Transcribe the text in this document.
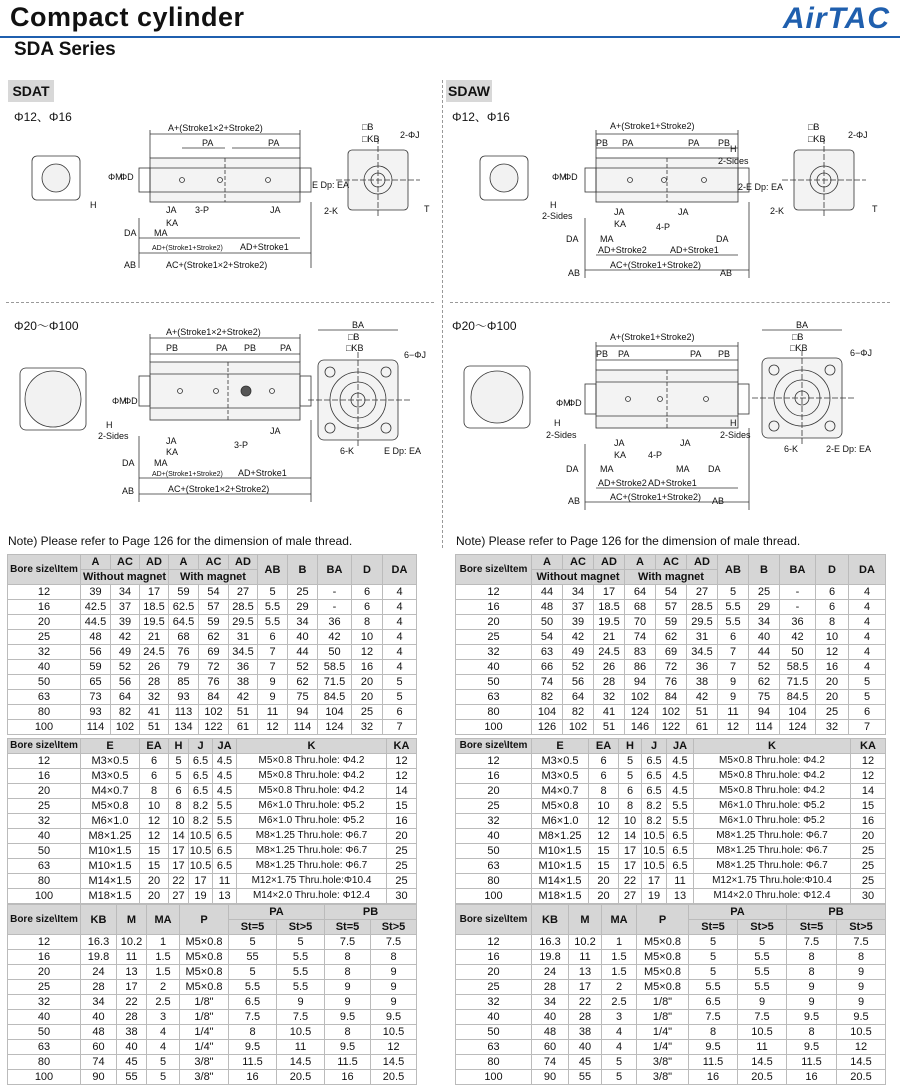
Compact cylinder
SDA Series
AirTAC
SDAT	SDAW
Φ12、Φ16	Φ12、Φ16
Φ20～Φ100	Φ20～Φ100
A+(Stroke1×2+Stroke2)
PA	PA
ΦM
ΦD
H	JA 3-P	JA
KA
DA MA
AD+(Stroke1+Stroke2) AD+Stroke1
AB	AC+(Stroke1×2+Stroke2)
□B
□KB 2-ΦJ
E Dp: EA
2-K	T
A+(Stroke1+Stroke2)
PB PA	PA PB
H
2-Sides
ΦM
ΦD
H
2-Sides	JA	JA
KA	4-P
DA MA	DA
AD+Stroke2	AD+Stroke1
AB	AB
AC+(Stroke1+Stroke2)
□B
□KB	2-ΦJ
2-E Dp: EA
2-K	T
A+(Stroke1×2+Stroke2)
PB	PA PB	PA
ΦM
ΦD
H
2-Sides	JA
KA
JA
3-P
DA MA
AD+(Stroke1+Stroke2) AD+Stroke1
AB	AC+(Stroke1×2+Stroke2)
BA
□B
□KB
6−ΦJ
6-K	E Dp: EA
A+(Stroke1+Stroke2)
PB PA	PA PB
ΦM
ΦD
H
2-Sides
H
2-Sides
JA	JA
KA 4-P
DA MA	MA DA
AD+Stroke2 AD+Stroke1
AB	AB
AC+(Stroke1+Stroke2)
BA
□B
□KB	6−ΦJ
6-K	2-E Dp: EA
Note) Please refer to Page 126 for the dimension of male thread.	Note) Please refer to Page 126 for the dimension of male thread.
Bore size\Item	A	AC	AD	A	AC	AD	AB	B	BA	D	DA
	Without magnet			With magnet							
12	39	34	17	59	54	27	5	25	-	6	4
16	42.5	37	18.5	62.5	57	28.5	5.5	29	-	6	4
20	44.5	39	19.5	64.5	59	29.5	5.5	34	36	8	4
25	48	42	21	68	62	31	6	40	42	10	4
32	56	49	24.5	76	69	34.5	7	44	50	12	4
40	59	52	26	79	72	36	7	52	58.5	16	4
50	65	56	28	85	76	38	9	62	71.5	20	5
63	73	64	32	93	84	42	9	75	84.5	20	5
80	93	82	41	113	102	51	11	94	104	25	6
100	114	102	51	134	122	61	12	114	124	32	7
Bore size\Item	E	EA	H	J	JA	K	KA
12	M3×0.5	6	5	6.5	4.5	M5×0.8 Thru.hole: Φ4.2	12
16	M3×0.5	6	5	6.5	4.5	M5×0.8 Thru.hole: Φ4.2	12
20	M4×0.7	8	6	6.5	4.5	M5×0.8 Thru.hole: Φ4.2	14
25	M5×0.8	10	8	8.2	5.5	M6×1.0 Thru.hole: Φ5.2	15
32	M6×1.0	12	10	8.2	5.5	M6×1.0 Thru.hole: Φ5.2	16
40	M8×1.25	12	14	10.5	6.5	M8×1.25 Thru.hole: Φ6.7	20
50	M10×1.5	15	17	10.5	6.5	M8×1.25 Thru.hole: Φ6.7	25
63	M10×1.5	15	17	10.5	6.5	M8×1.25 Thru.hole: Φ6.7	25
80	M14×1.5	20	22	17	11	M12×1.75 Thru.hole:Φ10.4	25
100	M18×1.5	20	27	19	13	M14×2.0 Thru.hole: Φ12.4	30
Bore size\Item	KB	M	MA	P	PA		PB	
					St=5	St>5	St=5	St>5
12	16.3	10.2	1	M5×0.8	5	5	7.5	7.5
16	19.8	11	1.5	M5×0.8	55	5.5	8	8
20	24	13	1.5	M5×0.8	5	5.5	8	9
25	28	17	2	M5×0.8	5.5	5.5	9	9
32	34	22	2.5	1/8"	6.5	9	9	9
40	40	28	3	1/8"	7.5	7.5	9.5	9.5
50	48	38	4	1/4"	8	10.5	8	10.5
63	60	40	4	1/4"	9.5	11	9.5	12
80	74	45	5	3/8"	11.5	14.5	11.5	14.5
100	90	55	5	3/8"	16	20.5	16	20.5
Bore size\Item	A	AC	AD	A	AC	AD	AB	B	BA	D	DA
	Without magnet			With magnet							
12	44	34	17	64	54	27	5	25	-	6	4
16	48	37	18.5	68	57	28.5	5.5	29	-	6	4
20	50	39	19.5	70	59	29.5	5.5	34	36	8	4
25	54	42	21	74	62	31	6	40	42	10	4
32	63	49	24.5	83	69	34.5	7	44	50	12	4
40	66	52	26	86	72	36	7	52	58.5	16	4
50	74	56	28	94	76	38	9	62	71.5	20	5
63	82	64	32	102	84	42	9	75	84.5	20	5
80	104	82	41	124	102	51	11	94	104	25	6
100	126	102	51	146	122	61	12	114	124	32	7
Bore size\Item	E	EA	H	J	JA	K	KA
12	M3×0.5	6	5	6.5	4.5	M5×0.8 Thru.hole: Φ4.2	12
16	M3×0.5	6	5	6.5	4.5	M5×0.8 Thru.hole: Φ4.2	12
20	M4×0.7	8	6	6.5	4.5	M5×0.8 Thru.hole: Φ4.2	14
25	M5×0.8	10	8	8.2	5.5	M6×1.0 Thru.hole: Φ5.2	15
32	M6×1.0	12	10	8.2	5.5	M6×1.0 Thru.hole: Φ5.2	16
40	M8×1.25	12	14	10.5	6.5	M8×1.25 Thru.hole: Φ6.7	20
50	M10×1.5	15	17	10.5	6.5	M8×1.25 Thru.hole: Φ6.7	25
63	M10×1.5	15	17	10.5	6.5	M8×1.25 Thru.hole: Φ6.7	25
80	M14×1.5	20	22	17	11	M12×1.75 Thru.hole:Φ10.4	25
100	M18×1.5	20	27	19	13	M14×2.0 Thru.hole: Φ12.4	30
Bore size\Item	KB	M	MA	P	PA		PB	
					St=5	St>5	St=5	St>5
12	16.3	10.2	1	M5×0.8	5	5	7.5	7.5
16	19.8	11	1.5	M5×0.8	5	5.5	8	8
20	24	13	1.5	M5×0.8	5	5.5	8	9
25	28	17	2	M5×0.8	5.5	5.5	9	9
32	34	22	2.5	1/8"	6.5	9	9	9
40	40	28	3	1/8"	7.5	7.5	9.5	9.5
50	48	38	4	1/4"	8	10.5	8	10.5
63	60	40	4	1/4"	9.5	11	9.5	12
80	74	45	5	3/8"	11.5	14.5	11.5	14.5
100	90	55	5	3/8"	16	20.5	16	20.5
